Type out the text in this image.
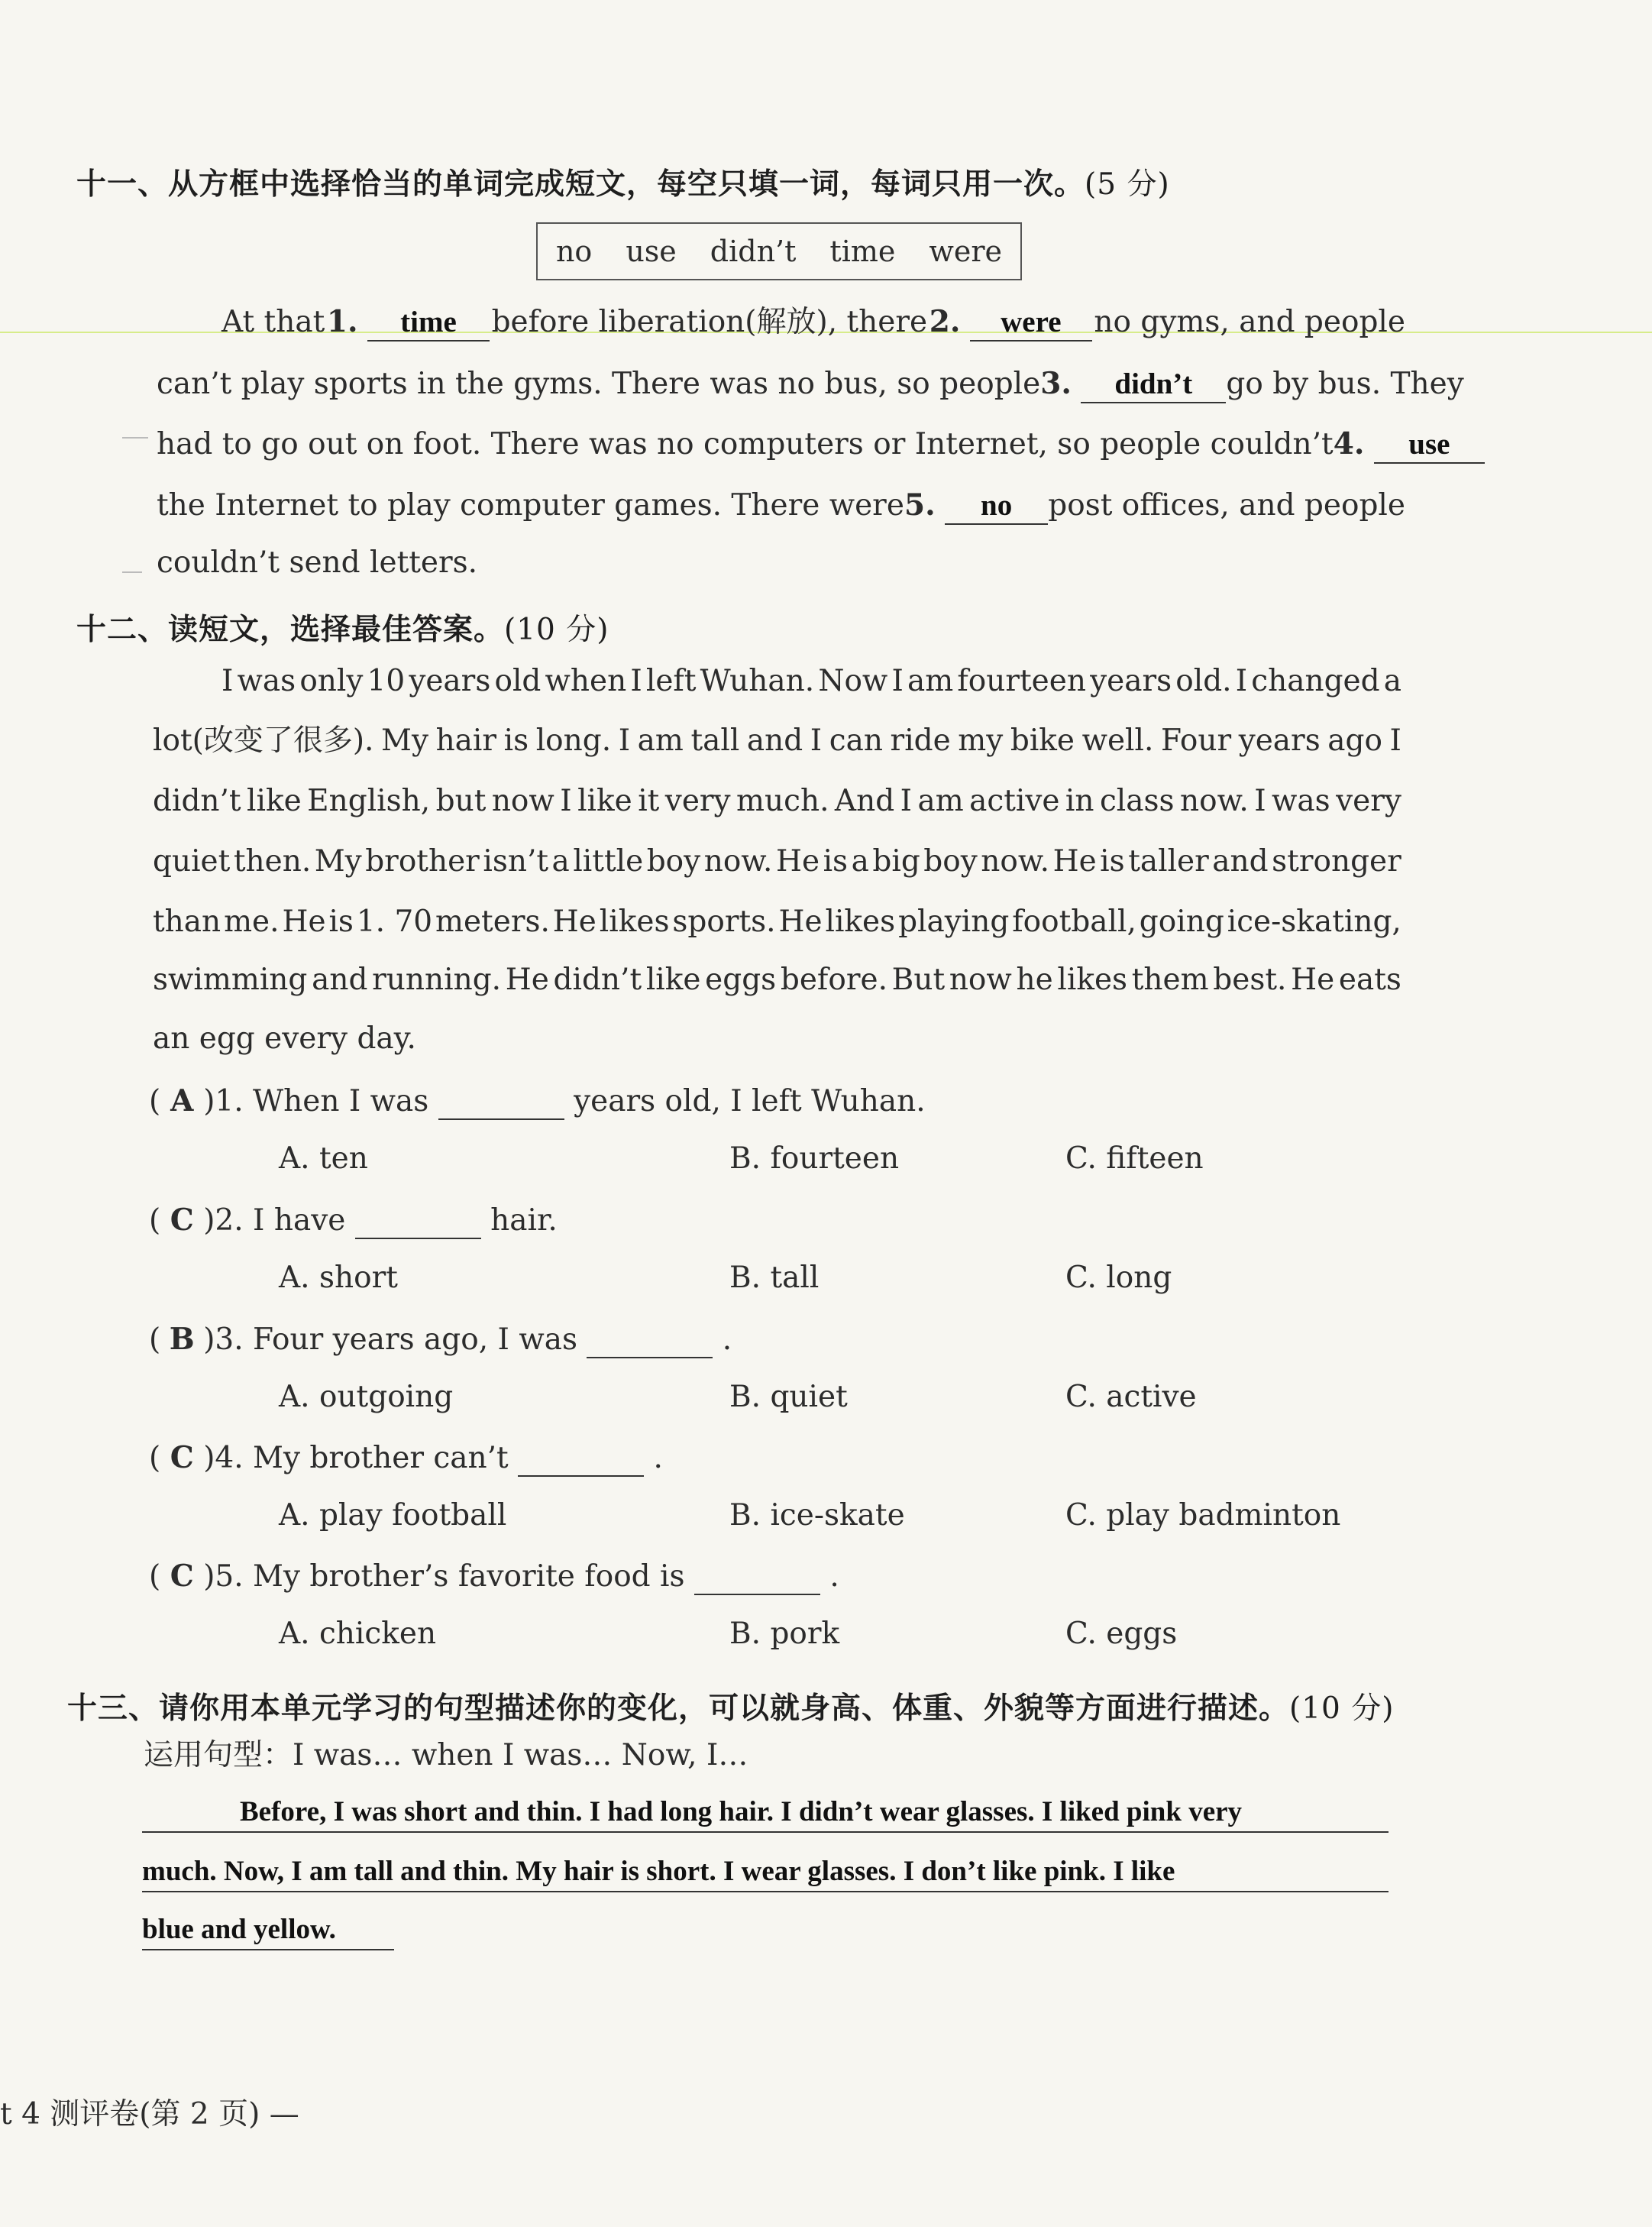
十一、从方框中选择恰当的单词完成短文，每空只填一词，每词只用一次。(5 分)
no use didn’t time were
At that 1. time	before liberation(解放), there 2. were	no gyms, and people
can’t play sports in the gyms. There was no bus, so people 3. didn’t	go by bus. They
had to go out on foot. There was no computers or Internet, so people couldn’t 4. use
the Internet to play computer games. There were 5. no	post offices, and people
couldn’t send letters.
十二、读短文，选择最佳答案。(10 分)
I was only 10 years old when I left Wuhan. Now I am fourteen years old. I changed a
lot(改变了很多). My hair is long. I am tall and I can ride my bike well. Four years ago I
didn’t like English, but now I like it very much. And I am active in class now. I was very
quiet then. My brother isn’t a little boy now. He is a big boy now. He is taller and stronger
than me. He is 1. 70 meters. He likes sports. He likes playing football, going ice-skating,
swimming and running. He didn’t like eggs before. But now he likes them best. He eats
an egg every day.
( A )1. When I was	years old, I left Wuhan.
A. ten	B. fourteen	C. fifteen
( C )2. I have	hair.
A. short	B. tall	C. long
( B )3. Four years ago, I was	.
A. outgoing	B. quiet	C. active
( C )4. My brother can’t	.
A. play football	B. ice-skate	C. play badminton
( C )5. My brother’s favorite food is	.
A. chicken	B. pork	C. eggs
十三、请你用本单元学习的句型描述你的变化，可以就身高、体重、外貌等方面进行描述。(10 分)
运用句型：I was… when I was… Now, I…
Before, I was short and thin. I had long hair. I didn’t wear glasses. I liked pink very
much. Now, I am tall and thin. My hair is short. I wear glasses. I don’t like pink. I like
blue and yellow.
t 4 测评卷(第 2 页) —
